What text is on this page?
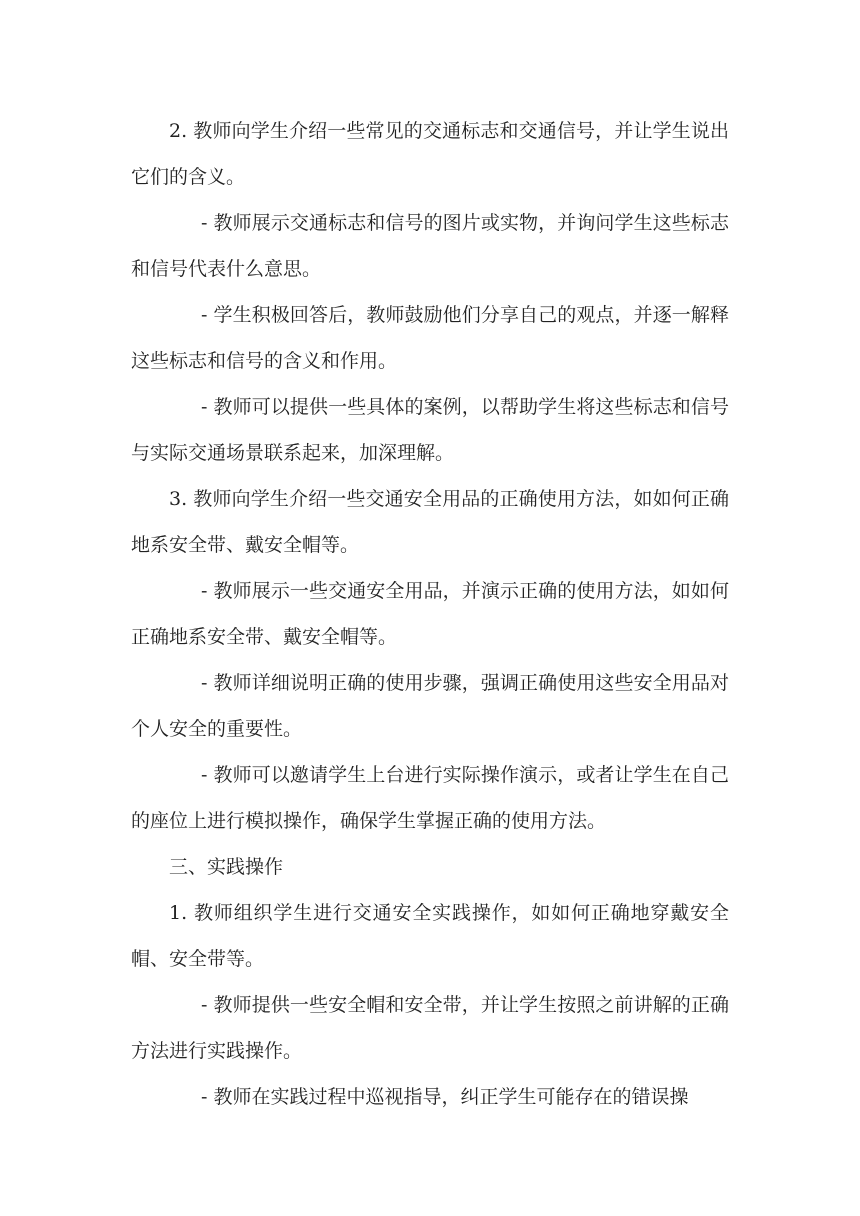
2. 教师向学生介绍一些常见的交通标志和交通信号，并让学生说出它们的含义。

- 教师展示交通标志和信号的图片或实物，并询问学生这些标志和信号代表什么意思。

- 学生积极回答后，教师鼓励他们分享自己的观点，并逐一解释这些标志和信号的含义和作用。

- 教师可以提供一些具体的案例，以帮助学生将这些标志和信号与实际交通场景联系起来，加深理解。

3. 教师向学生介绍一些交通安全用品的正确使用方法，如如何正确地系安全带、戴安全帽等。

- 教师展示一些交通安全用品，并演示正确的使用方法，如如何正确地系安全带、戴安全帽等。

- 教师详细说明正确的使用步骤，强调正确使用这些安全用品对个人安全的重要性。

- 教师可以邀请学生上台进行实际操作演示，或者让学生在自己的座位上进行模拟操作，确保学生掌握正确的使用方法。

三、实践操作

1. 教师组织学生进行交通安全实践操作，如如何正确地穿戴安全帽、安全带等。

- 教师提供一些安全帽和安全带，并让学生按照之前讲解的正确方法进行实践操作。

- 教师在实践过程中巡视指导，纠正学生可能存在的错误操
